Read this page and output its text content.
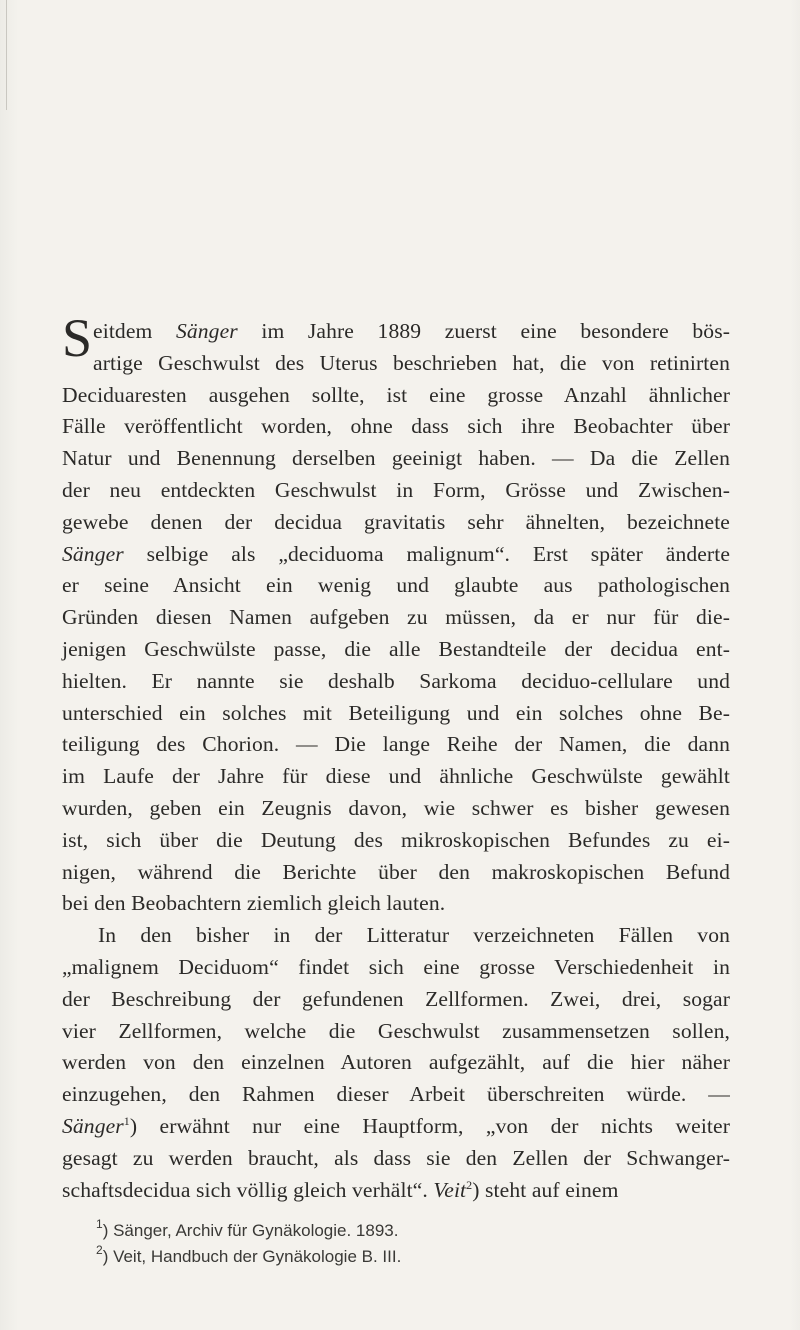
S eitdem Sänger im Jahre 1889 zuerst eine besondere bös-
artige Geschwulst des Uterus beschrieben hat, die von retinirten
Deciduaresten ausgehen sollte, ist eine grosse Anzahl ähnlicher
Fälle veröffentlicht worden, ohne dass sich ihre Beobachter über
Natur und Benennung derselben geeinigt haben. — Da die Zellen
der neu entdeckten Geschwulst in Form, Grösse und Zwischen-
gewebe denen der decidua gravitatis sehr ähnelten, bezeichnete
Sänger selbige als „deciduoma malignum“. Erst später änderte
er seine Ansicht ein wenig und glaubte aus pathologischen
Gründen diesen Namen aufgeben zu müssen, da er nur für die-
jenigen Geschwülste passe, die alle Bestandteile der decidua ent-
hielten. Er nannte sie deshalb Sarkoma deciduo-cellulare und
unterschied ein solches mit Beteiligung und ein solches ohne Be-
teiligung des Chorion. — Die lange Reihe der Namen, die dann
im Laufe der Jahre für diese und ähnliche Geschwülste gewählt
wurden, geben ein Zeugnis davon, wie schwer es bisher gewesen
ist, sich über die Deutung des mikroskopischen Befundes zu ei-
nigen, während die Berichte über den makroskopischen Befund
bei den Beobachtern ziemlich gleich lauten.
In den bisher in der Litteratur verzeichneten Fällen von
„malignem Deciduom“ findet sich eine grosse Verschiedenheit in
der Beschreibung der gefundenen Zellformen. Zwei, drei, sogar
vier Zellformen, welche die Geschwulst zusammensetzen sollen,
werden von den einzelnen Autoren aufgezählt, auf die hier näher
einzugehen, den Rahmen dieser Arbeit überschreiten würde. —
Sänger$^1$) erwähnt nur eine Hauptform, „von der nichts weiter
gesagt zu werden braucht, als dass sie den Zellen der Schwanger-
schaftsdecidua sich völlig gleich verhält“. Veit$^2$) steht auf einem
$^1$) Sänger, Archiv für Gynäkologie. 1893.
$^2$) Veit, Handbuch der Gynäkologie B. III.
